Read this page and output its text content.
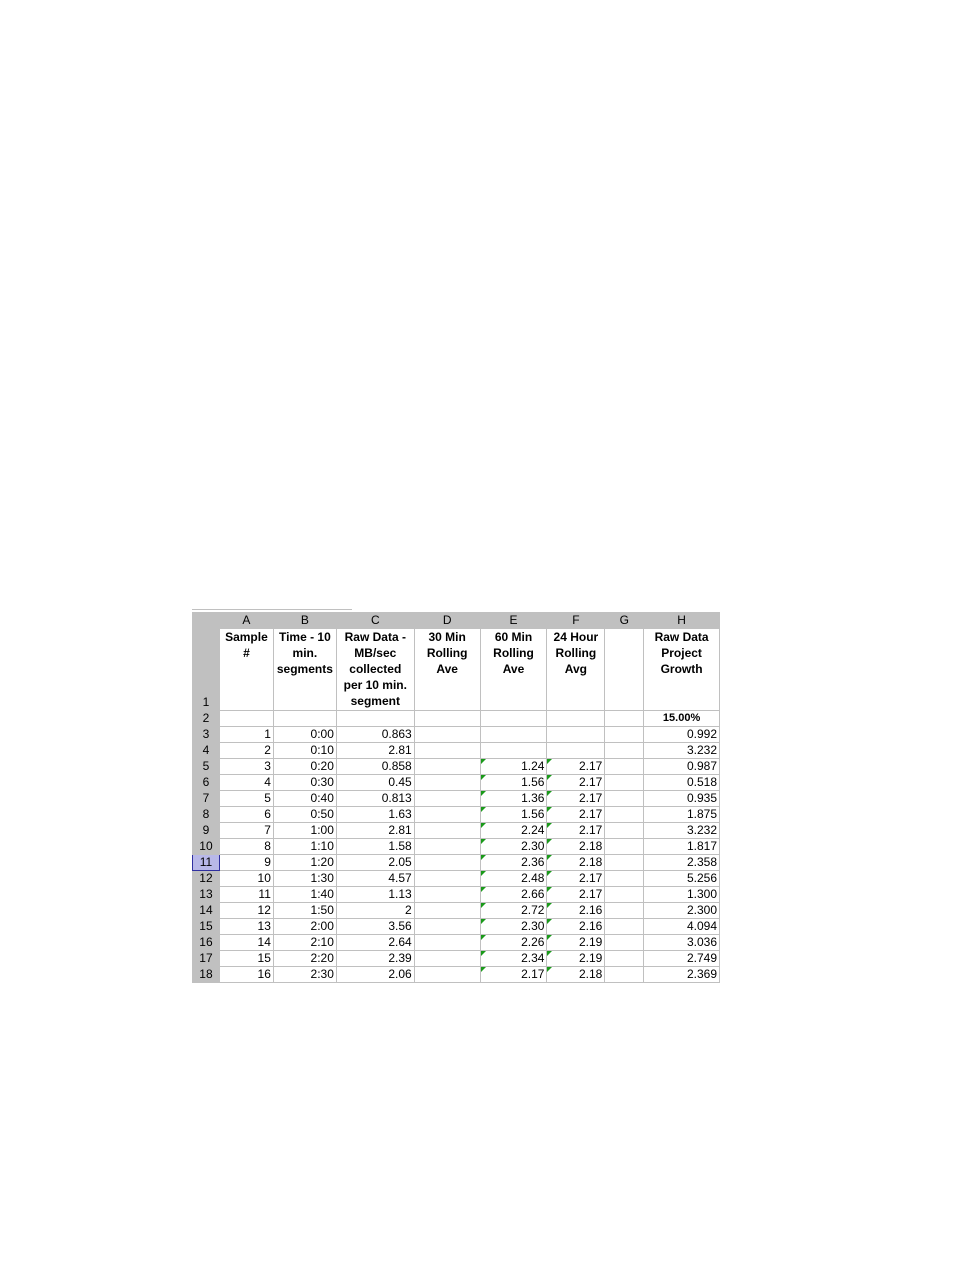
	A	B	C	D	E	F	G	H
1	Sample #	Time - 10 min. segments	Raw Data - MB/sec collected per 10 min. segment	30 Min Rolling Ave	60 Min Rolling Ave	24 Hour Rolling Avg		Raw Data Project Growth
2								15.00%
3	1	0:00	0.863					0.992
4	2	0:10	2.81					3.232
5	3	0:20	0.858		1.24	2.17		0.987
6	4	0:30	0.45		1.56	2.17		0.518
7	5	0:40	0.813		1.36	2.17		0.935
8	6	0:50	1.63		1.56	2.17		1.875
9	7	1:00	2.81		2.24	2.17		3.232
10	8	1:10	1.58		2.30	2.18		1.817
11	9	1:20	2.05		2.36	2.18		2.358
12	10	1:30	4.57		2.48	2.17		5.256
13	11	1:40	1.13		2.66	2.17		1.300
14	12	1:50	2		2.72	2.16		2.300
15	13	2:00	3.56		2.30	2.16		4.094
16	14	2:10	2.64		2.26	2.19		3.036
17	15	2:20	2.39		2.34	2.19		2.749
18	16	2:30	2.06		2.17	2.18		2.369
